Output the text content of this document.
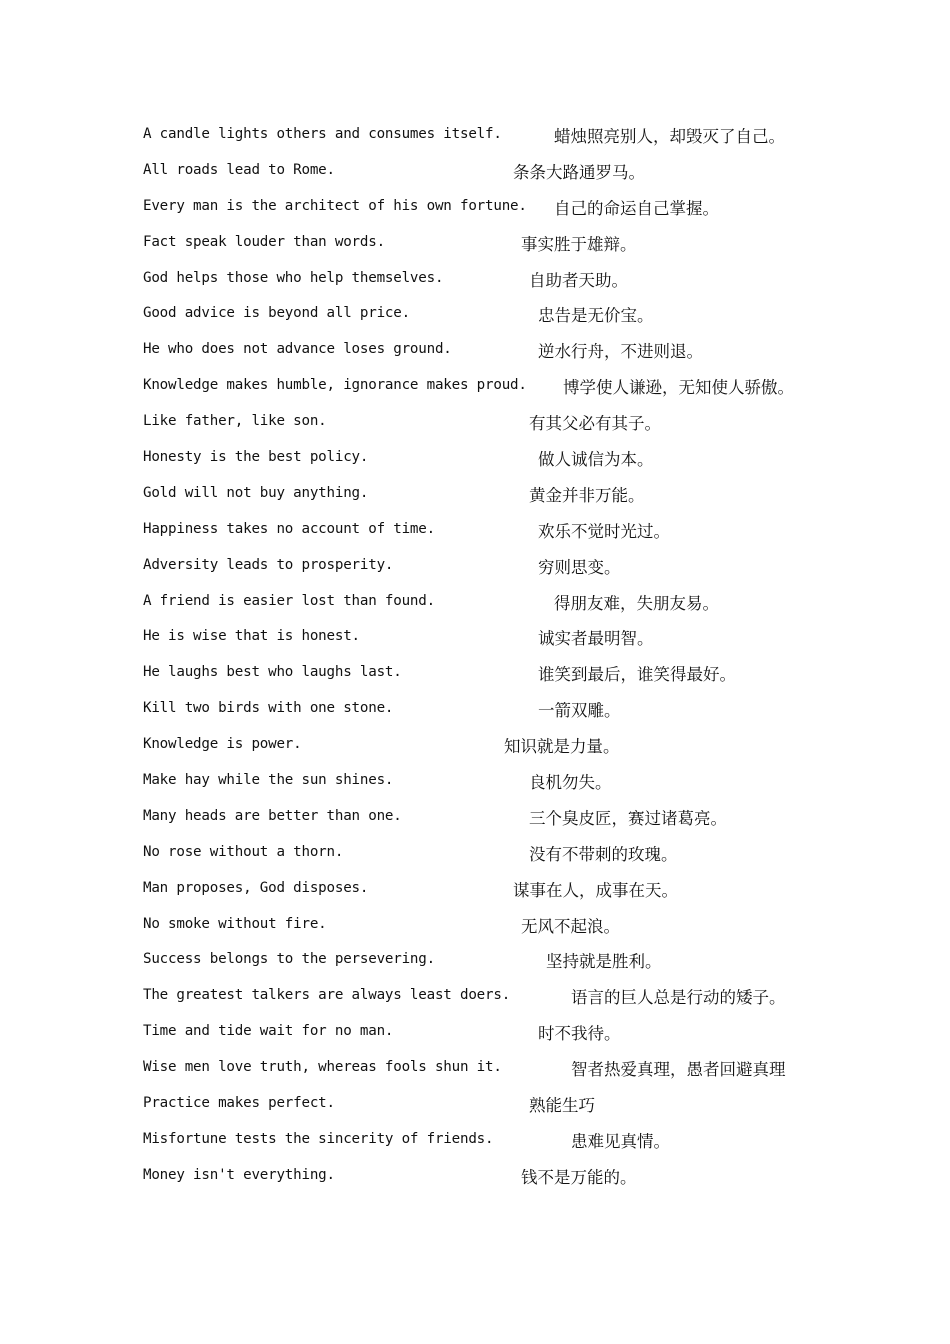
A candle lights others and consumes itself.	蜡烛照亮别人，却毁灭了自己。
All roads lead to Rome.	条条大路通罗马。
Every man is the architect of his own fortune. 自己的命运自己掌握。
Fact speak louder than words.	事实胜于雄辩。
God helps those who help themselves.	自助者天助。
Good advice is beyond all price.	忠告是无价宝。
He who does not advance loses ground.	逆水行舟，不进则退。
Knowledge makes humble, ignorance makes proud. 博学使人谦逊，无知使人骄傲。
Like father, like son.	有其父必有其子。
Honesty is the best policy.	做人诚信为本。
Gold will not buy anything.	黄金并非万能。
Happiness takes no account of time.	欢乐不觉时光过。
Adversity leads to prosperity.	穷则思变。
A friend is easier lost than found.	得朋友难，失朋友易。
He is wise that is honest.	诚实者最明智。
He laughs best who laughs last.	谁笑到最后，谁笑得最好。
Kill two birds with one stone.	一箭双雕。
Knowledge is power.	知识就是力量。
Make hay while the sun shines.	良机勿失。
Many heads are better than one.	三个臭皮匠，赛过诸葛亮。
No rose without a thorn.	没有不带刺的玫瑰。
Man proposes, God disposes.	谋事在人，成事在天。
No smoke without fire.	无风不起浪。
Success belongs to the persevering.	坚持就是胜利。
The greatest talkers are always least doers.	语言的巨人总是行动的矮子。
Time and tide wait for no man.	时不我待。
Wise men love truth, whereas fools shun it.	智者热爱真理，愚者回避真理
Practice makes perfect.	熟能生巧
Misfortune tests the sincerity of friends.	患难见真情。
Money isn't everything.	钱不是万能的。
